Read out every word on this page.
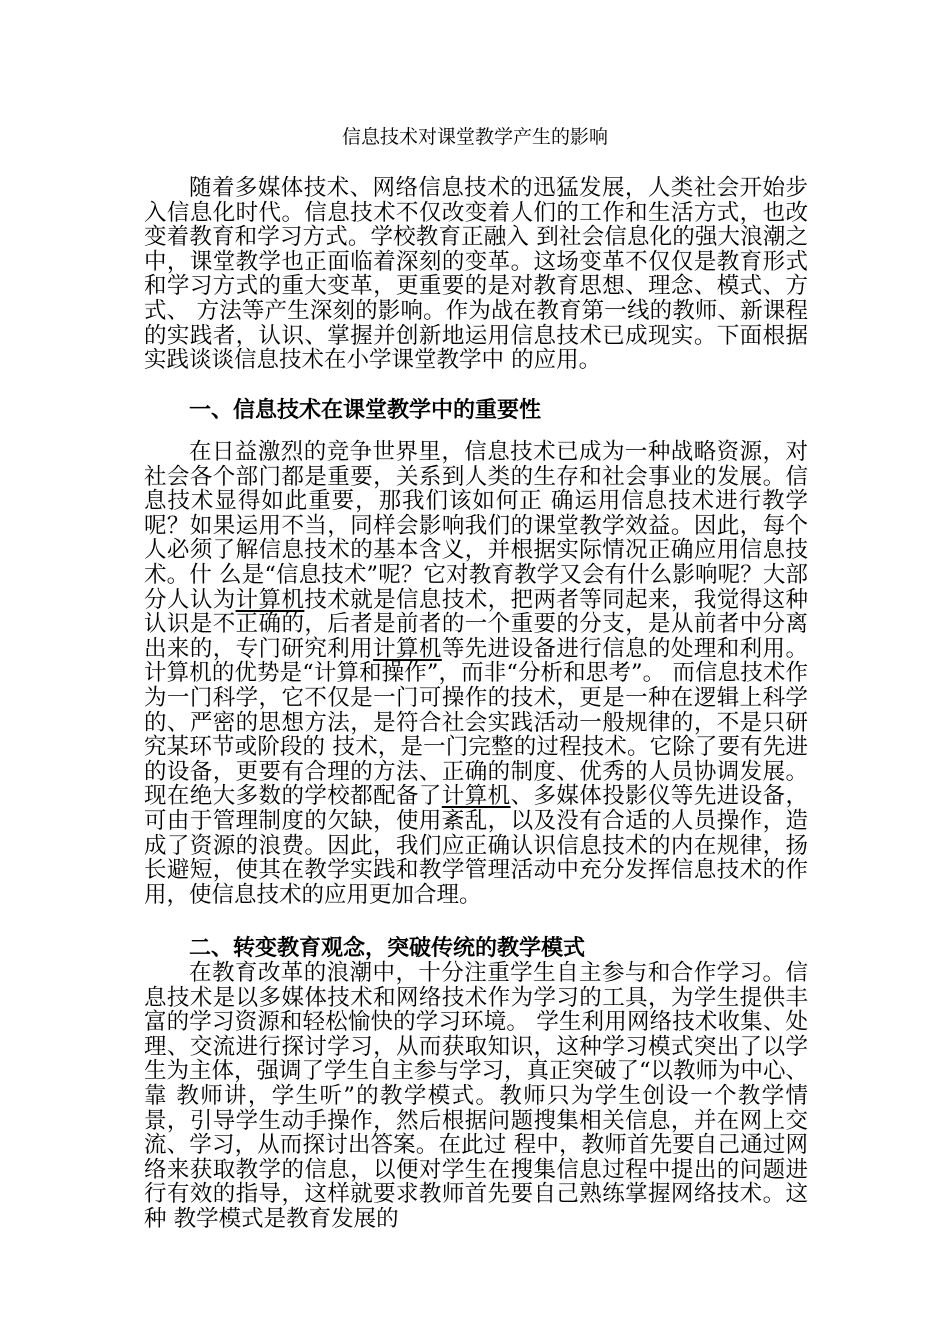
信息技术对课堂教学产生的影响

随着多媒体技术、网络信息技术的迅猛发展，人类社会开始步入信息化时代。信息技术不仅改变着人们的工作和生活方式，也改变着教育和学习方式。学校教育正融入 到社会信息化的强大浪潮之中，课堂教学也正面临着深刻的变革。这场变革不仅仅是教育形式和学习方式的重大变革，更重要的是对教育思想、理念、模式、方式、 方法等产生深刻的影响。作为战在教育第一线的教师、新课程的实践者，认识、掌握并创新地运用信息技术已成现实。下面根据实践谈谈信息技术在小学课堂教学中 的应用。

一、信息技术在课堂教学中的重要性

在日益激烈的竞争世界里，信息技术已成为一种战略资源，对社会各个部门都是重要，关系到人类的生存和社会事业的发展。信息技术显得如此重要，那我们该如何正 确运用信息技术进行教学呢？如果运用不当，同样会影响我们的课堂教学效益。因此，每个人必须了解信息技术的基本含义，并根据实际情况正确应用信息技术。什 么是“信息技术”呢？它对教育教学又会有什么影响呢？大部分人认为计算机技术就是信息技术，把两者等同起来，我觉得这种认识是不正确的，后者是前者的一个重要的分支，是从前者中分离出来的，专门研究利用计算机等先进设备进行信息的处理和利用。计算机的优势是“计算和操作”，而非“分析和思考”。 而信息技术作为一门科学，它不仅是一门可操作的技术，更是一种在逻辑上科学的、严密的思想方法，是符合社会实践活动一般规律的，不是只研究某环节或阶段的 技术，是一门完整的过程技术。它除了要有先进的设备，更要有合理的方法、正确的制度、优秀的人员协调发展。现在绝大多数的学校都配备了计算机、多媒体投影仪等先进设备，可由于管理制度的欠缺，使用紊乱，以及没有合适的人员操作，造成了资源的浪费。因此，我们应正确认识信息技术的内在规律，扬长避短，使其在教学实践和教学管理活动中充分发挥信息技术的作用，使信息技术的应用更加合理。

二、转变教育观念，突破传统的教学模式

在教育改革的浪潮中，十分注重学生自主参与和合作学习。信息技术是以多媒体技术和网络技术作为学习的工具，为学生提供丰富的学习资源和轻松愉快的学习环境。 学生利用网络技术收集、处理、交流进行探讨学习，从而获取知识，这种学习模式突出了以学生为主体，强调了学生自主参与学习，真正突破了“以教师为中心、靠 教师讲，学生听”的教学模式。教师只为学生创设一个教学情景，引导学生动手操作，然后根据问题搜集相关信息，并在网上交流、学习，从而探讨出答案。在此过 程中，教师首先要自己通过网络来获取教学的信息，以便对学生在搜集信息过程中提出的问题进行有效的指导，这样就要求教师首先要自己熟练掌握网络技术。这种 教学模式是教育发展的
